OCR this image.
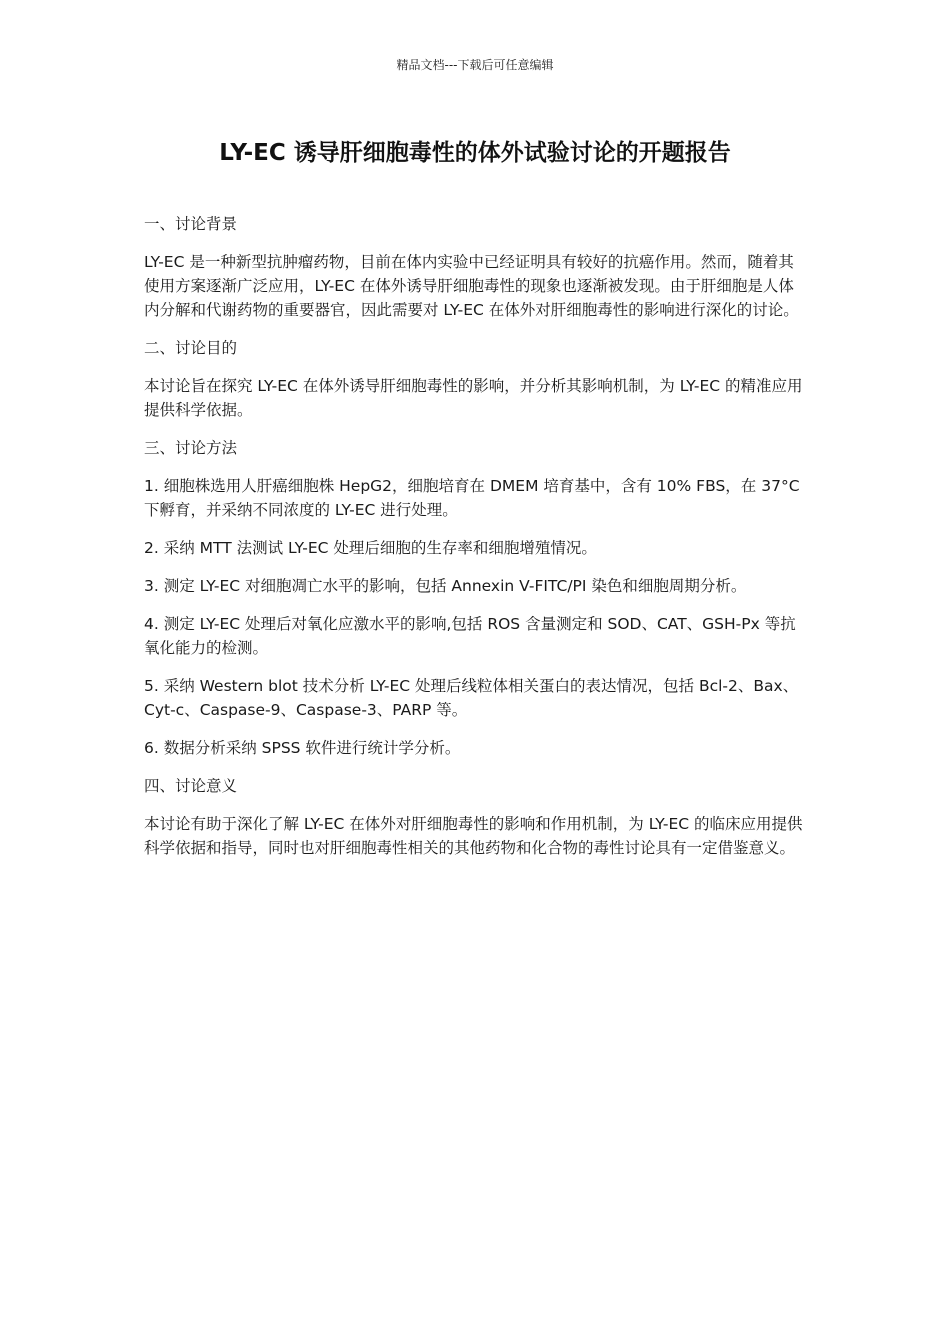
精品文档---下载后可任意编辑
LY-EC 诱导肝细胞毒性的体外试验讨论的开题报告

一、讨论背景

LY-EC 是一种新型抗肿瘤药物，目前在体内实验中已经证明具有较好的抗癌作用。然而，随着其使用方案逐渐广泛应用，LY-EC 在体外诱导肝细胞毒性的现象也逐渐被发现。由于肝细胞是人体内分解和代谢药物的重要器官，因此需要对 LY-EC 在体外对肝细胞毒性的影响进行深化的讨论。

二、讨论目的

本讨论旨在探究 LY-EC 在体外诱导肝细胞毒性的影响，并分析其影响机制，为 LY-EC 的精准应用提供科学依据。

三、讨论方法

1. 细胞株选用人肝癌细胞株 HepG2，细胞培育在 DMEM 培育基中，含有 10% FBS，在 37°C 下孵育，并采纳不同浓度的 LY-EC 进行处理。

2. 采纳 MTT 法测试 LY-EC 处理后细胞的生存率和细胞增殖情况。

3. 测定 LY-EC 对细胞凋亡水平的影响，包括 Annexin V-FITC/PI 染色和细胞周期分析。

4. 测定 LY-EC 处理后对氧化应激水平的影响,包括 ROS 含量测定和 SOD、CAT、GSH-Px 等抗氧化能力的检测。

5. 采纳 Western blot 技术分析 LY-EC 处理后线粒体相关蛋白的表达情况，包括 Bcl-2、Bax、Cyt-c、Caspase-9、Caspase-3、PARP 等。

6. 数据分析采纳 SPSS 软件进行统计学分析。

四、讨论意义

本讨论有助于深化了解 LY-EC 在体外对肝细胞毒性的影响和作用机制，为 LY-EC 的临床应用提供科学依据和指导，同时也对肝细胞毒性相关的其他药物和化合物的毒性讨论具有一定借鉴意义。
